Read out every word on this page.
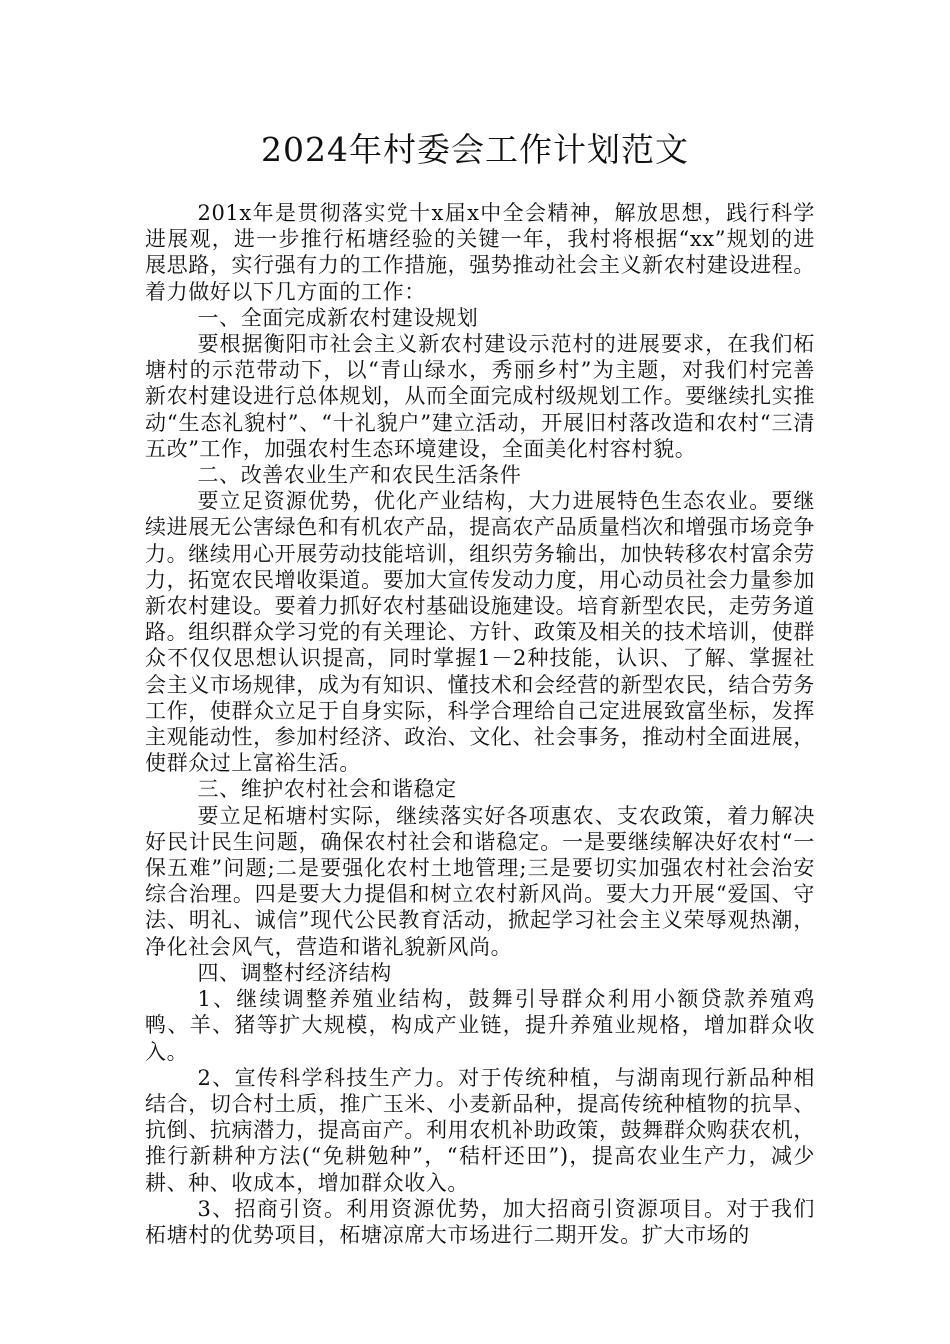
2024年村委会工作计划范文

201x年是贯彻落实党十x届x中全会精神，解放思想，践行科学进展观，进一步推行柘塘经验的关键一年，我村将根据“xx”规划的进展思路，实行强有力的工作措施，强势推动社会主义新农村建设进程。着力做好以下几方面的工作：

一、全面完成新农村建设规划

要根据衡阳市社会主义新农村建设示范村的进展要求，在我们柘塘村的示范带动下，以“青山绿水，秀丽乡村”为主题，对我们村完善新农村建设进行总体规划，从而全面完成村级规划工作。要继续扎实推动“生态礼貌村”、“十礼貌户”建立活动，开展旧村落改造和农村“三清五改”工作，加强农村生态环境建设，全面美化村容村貌。

二、改善农业生产和农民生活条件

要立足资源优势，优化产业结构，大力进展特色生态农业。要继续进展无公害绿色和有机农产品，提高农产品质量档次和增强市场竞争力。继续用心开展劳动技能培训，组织劳务输出，加快转移农村富余劳力，拓宽农民增收渠道。要加大宣传发动力度，用心动员社会力量参加新农村建设。要着力抓好农村基础设施建设。培育新型农民，走劳务道路。组织群众学习党的有关理论、方针、政策及相关的技术培训，使群众不仅仅思想认识提高，同时掌握1－2种技能，认识、了解、掌握社会主义市场规律，成为有知识、懂技术和会经营的新型农民，结合劳务工作，使群众立足于自身实际，科学合理给自己定进展致富坐标，发挥主观能动性，参加村经济、政治、文化、社会事务，推动村全面进展，使群众过上富裕生活。

三、维护农村社会和谐稳定

要立足柘塘村实际，继续落实好各项惠农、支农政策，着力解决好民计民生问题，确保农村社会和谐稳定。一是要继续解决好农村“一保五难”问题;二是要强化农村土地管理;三是要切实加强农村社会治安综合治理。四是要大力提倡和树立农村新风尚。要大力开展“爱国、守法、明礼、诚信”现代公民教育活动，掀起学习社会主义荣辱观热潮，净化社会风气，营造和谐礼貌新风尚。

四、调整村经济结构

1、继续调整养殖业结构，鼓舞引导群众利用小额贷款养殖鸡鸭、羊、猪等扩大规模，构成产业链，提升养殖业规格，增加群众收入。

2、宣传科学科技生产力。对于传统种植，与湖南现行新品种相结合，切合村土质，推广玉米、小麦新品种，提高传统种植物的抗旱、抗倒、抗病潜力，提高亩产。利用农机补助政策，鼓舞群众购获农机，推行新耕种方法(“免耕勉种”，“秸杆还田”)，提高农业生产力，减少耕、种、收成本，增加群众收入。

3、招商引资。利用资源优势，加大招商引资源项目。对于我们柘塘村的优势项目，柘塘凉席大市场进行二期开发。扩大市场的
